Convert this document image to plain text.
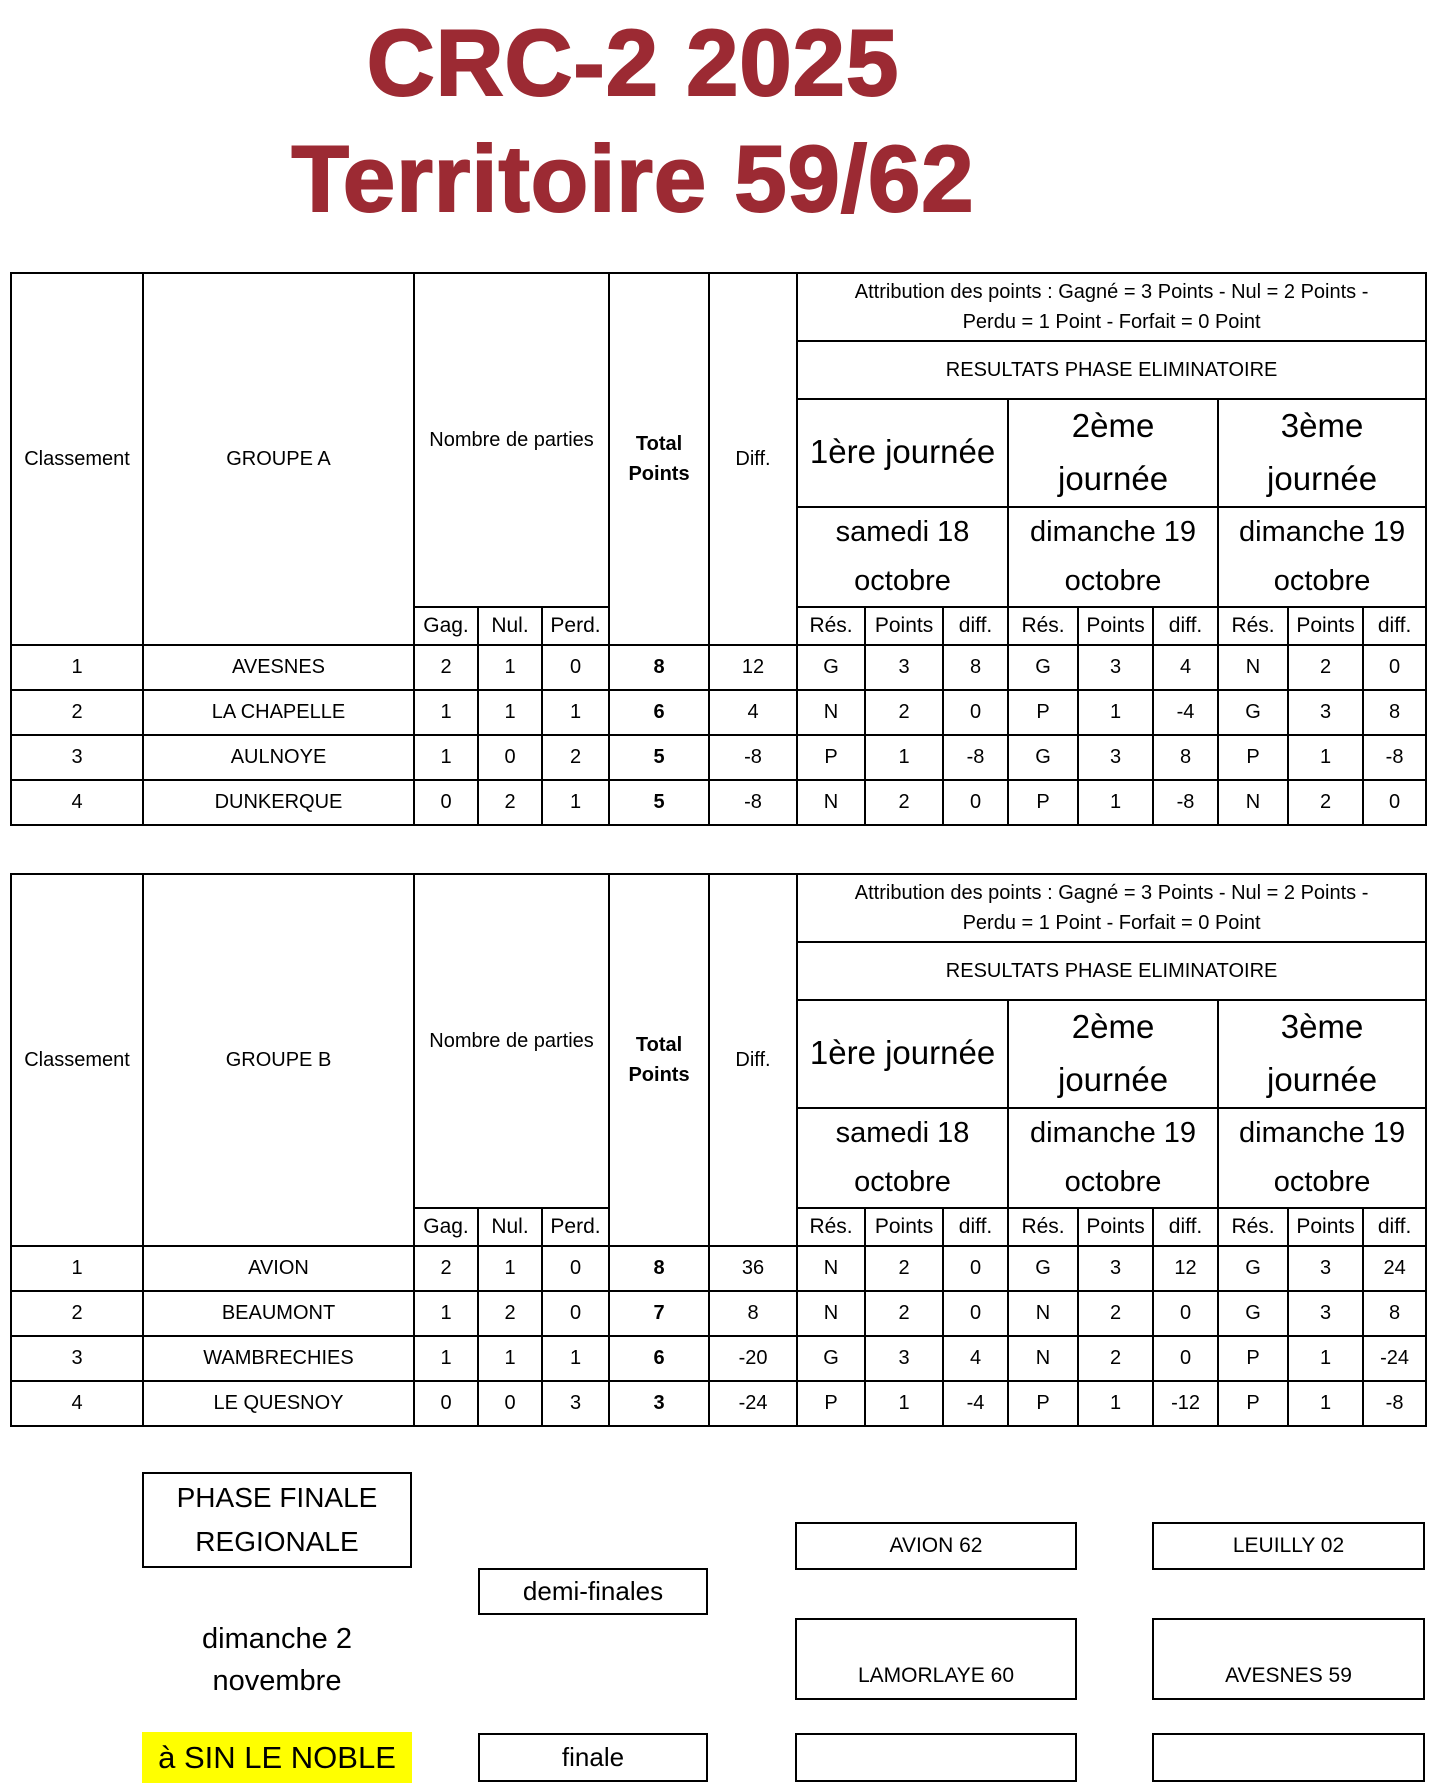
CRC-2 2025
Territoire 59/62
Classement	GROUPE A	Nombre de parties			Total Points	Diff.	Attribution des points : Gagné = 3 Points - Nul = 2 Points -
Perdu = 1 Point - Forfait = 0 Point								

							RESULTATS PHASE ELIMINATOIRE								
							1ère journée			2ème journée			3ème journée		
							samedi 18 octobre			dimanche 19 octobre			dimanche 19 octobre		
		Gag.	Nul.	Perd.			Rés.	Points	diff.	Rés.	Points	diff.	Rés.	Points	diff.
1	AVESNES	2	1	0	8	12	G	3	8	G	3	4	N	2	0
2	LA CHAPELLE	1	1	1	6	4	N	2	0	P	1	-4	G	3	8
3	AULNOYE	1	0	2	5	-8	P	1	-8	G	3	8	P	1	-8
4	DUNKERQUE	0	2	1	5	-8	N	2	0	P	1	-8	N	2	0
Classement	GROUPE B	Nombre de parties			Total Points	Diff.	Attribution des points : Gagné = 3 Points - Nul = 2 Points -
Perdu = 1 Point - Forfait = 0 Point								

							RESULTATS PHASE ELIMINATOIRE								
							1ère journée			2ème journée			3ème journée		
							samedi 18 octobre			dimanche 19 octobre			dimanche 19 octobre		
		Gag.	Nul.	Perd.			Rés.	Points	diff.	Rés.	Points	diff.	Rés.	Points	diff.
1	AVION	2	1	0	8	36	N	2	0	G	3	12	G	3	24
2	BEAUMONT	1	2	0	7	8	N	2	0	N	2	0	G	3	8
3	WAMBRECHIES	1	1	1	6	-20	G	3	4	N	2	0	P	1	-24
4	LE QUESNOY	0	0	3	3	-24	P	1	-4	P	1	-12	P	1	-8
PHASE FINALE REGIONALE
demi-finales
dimanche 2 novembre
à SIN LE NOBLE	finale
AVION 62	LEUILLY 02
LAMORLAYE 60	AVESNES 59
